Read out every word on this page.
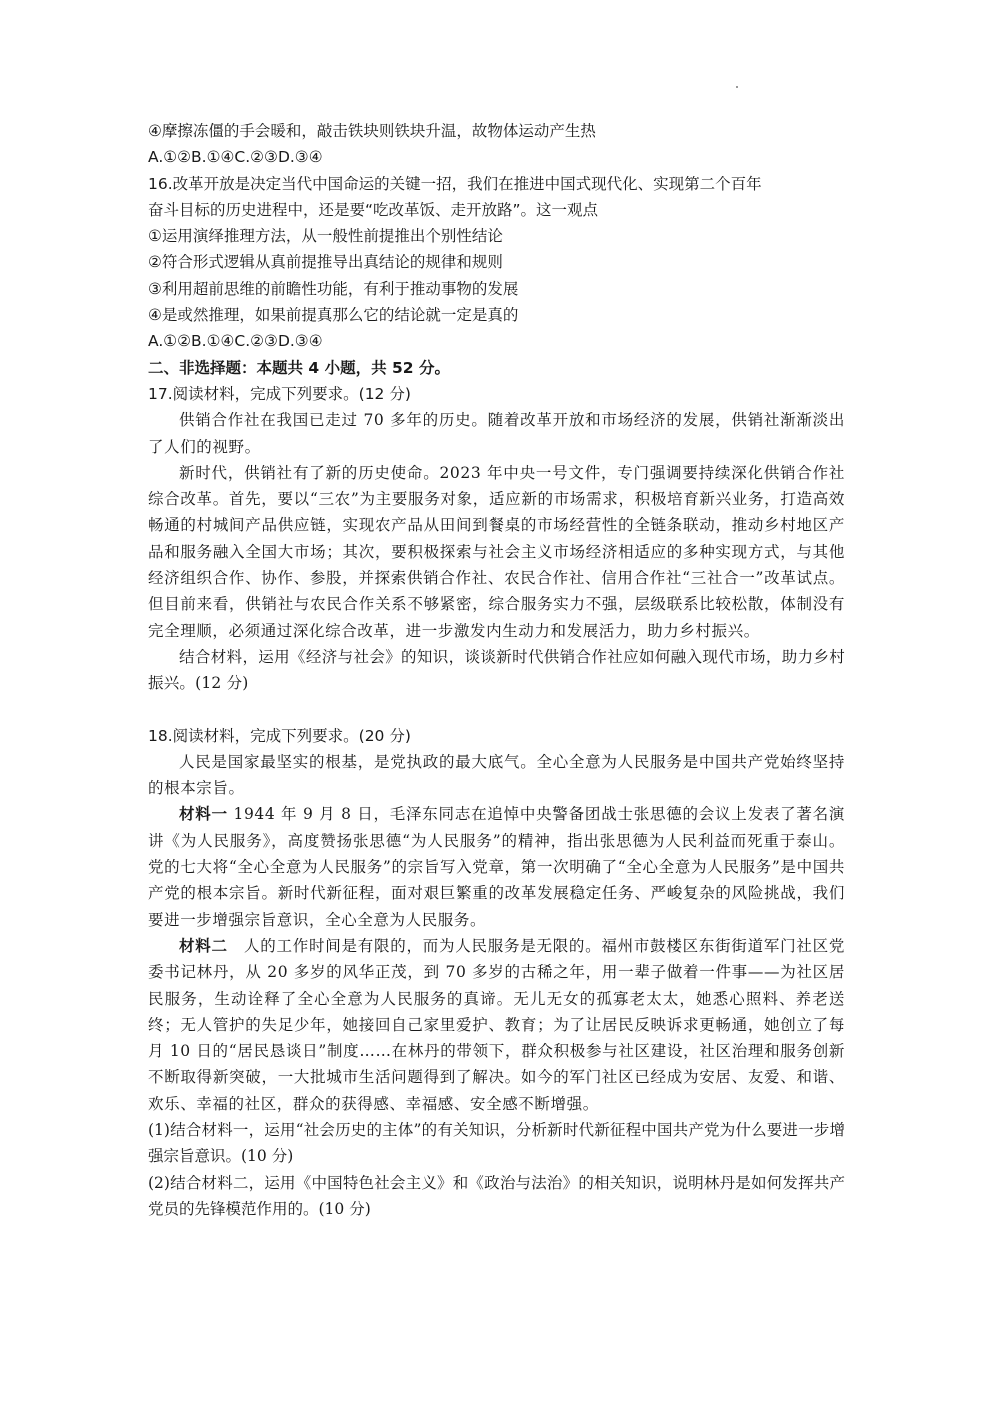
④摩擦冻僵的手会暖和，敲击铁块则铁块升温，故物体运动产生热
A.①②B.①④C.②③D.③④
16.改革开放是决定当代中国命运的关键一招，我们在推进中国式现代化、实现第二个百年
奋斗目标的历史进程中，还是要“吃改革饭、走开放路”。这一观点
①运用演绎推理方法，从一般性前提推出个别性结论
②符合形式逻辑从真前提推导出真结论的规律和规则
③利用超前思维的前瞻性功能，有利于推动事物的发展
④是或然推理，如果前提真那么它的结论就一定是真的
A.①②B.①④C.②③D.③④
二、非选择题：本题共 4 小题，共 52 分。
17.阅读材料，完成下列要求。(12 分)
供销合作社在我国已走过 70 多年的历史。随着改革开放和市场经济的发展，供销社渐渐淡出了人们的视野。
新时代，供销社有了新的历史使命。2023 年中央一号文件，专门强调要持续深化供销合作社综合改革。首先，要以“三农”为主要服务对象，适应新的市场需求，积极培育新兴业务，打造高效畅通的村城间产品供应链，实现农产品从田间到餐桌的市场经营性的全链条联动，推动乡村地区产品和服务融入全国大市场；其次，要积极探索与社会主义市场经济相适应的多种实现方式，与其他经济组织合作、协作、参股，并探索供销合作社、农民合作社、信用合作社“三社合一”改革试点。但目前来看，供销社与农民合作关系不够紧密，综合服务实力不强，层级联系比较松散，体制没有完全理顺，必须通过深化综合改革，进一步激发内生动力和发展活力，助力乡村振兴。
结合材料，运用《经济与社会》的知识，谈谈新时代供销合作社应如何融入现代市场，助力乡村振兴。(12 分)
18.阅读材料，完成下列要求。(20 分)
人民是国家最坚实的根基，是党执政的最大底气。全心全意为人民服务是中国共产党始终坚持的根本宗旨。
材料一 1944 年 9 月 8 日，毛泽东同志在追悼中央警备团战士张思德的会议上发表了著名演讲《为人民服务》，高度赞扬张思德“为人民服务”的精神，指出张思德为人民利益而死重于泰山。党的七大将“全心全意为人民服务”的宗旨写入党章，第一次明确了“全心全意为人民服务”是中国共产党的根本宗旨。新时代新征程，面对艰巨繁重的改革发展稳定任务、严峻复杂的风险挑战，我们要进一步增强宗旨意识，全心全意为人民服务。
材料二　人的工作时间是有限的，而为人民服务是无限的。福州市鼓楼区东街街道军门社区党委书记林丹，从 20 多岁的风华正茂，到 70 多岁的古稀之年，用一辈子做着一件事——为社区居民服务，生动诠释了全心全意为人民服务的真谛。无儿无女的孤寡老太太，她悉心照料、养老送终；无人管护的失足少年，她接回自己家里爱护、教育；为了让居民反映诉求更畅通，她创立了每月 10 日的“居民恳谈日”制度……在林丹的带领下，群众积极参与社区建设，社区治理和服务创新不断取得新突破，一大批城市生活问题得到了解决。如今的军门社区已经成为安居、友爱、和谐、欢乐、幸福的社区，群众的获得感、幸福感、安全感不断增强。
(1)结合材料一，运用“社会历史的主体”的有关知识，分析新时代新征程中国共产党为什么要进一步增强宗旨意识。(10 分)
(2)结合材料二，运用《中国特色社会主义》和《政治与法治》的相关知识，说明林丹是如何发挥共产党员的先锋模范作用的。(10 分)
